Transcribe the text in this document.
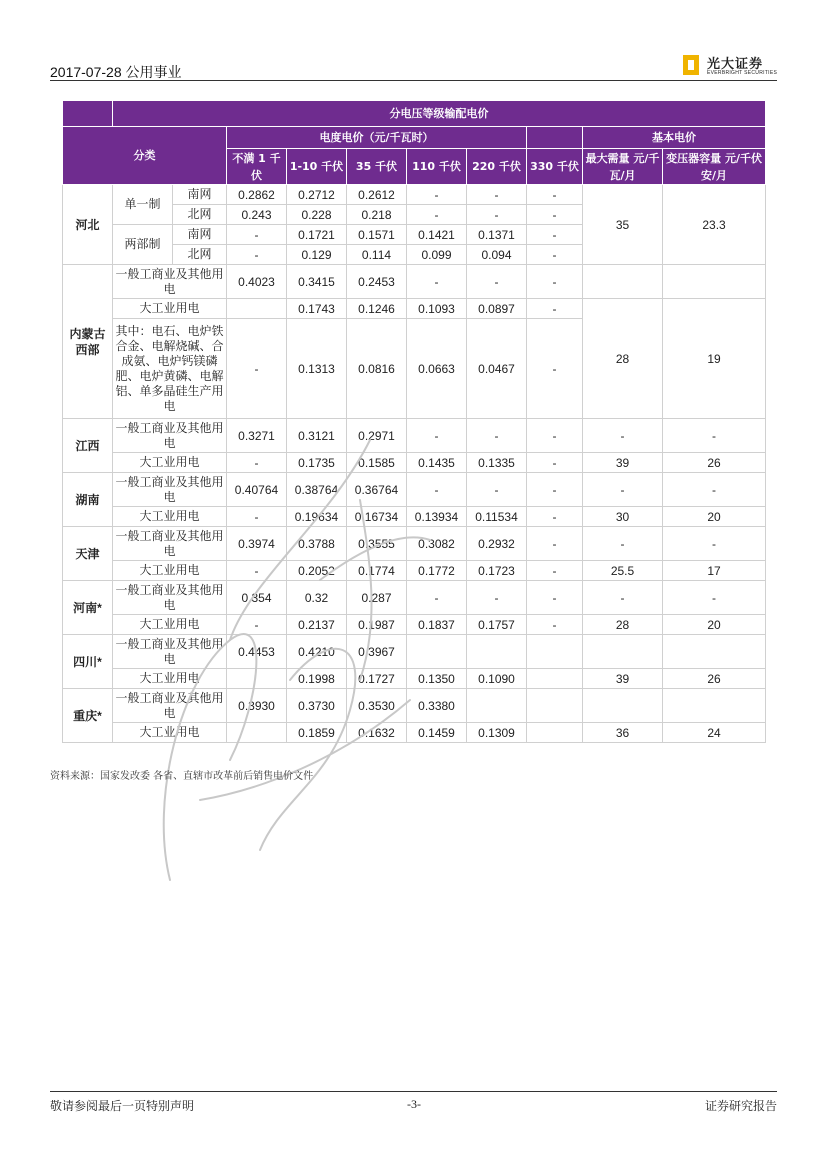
2017-07-28 公用事业	光大证券
EVERBRIGHT SECURITIES
	分电压等级输配电价									
分类			电度电价（元/千瓦时）						基本电价	
			不满 1 千伏	1-10 千伏	35 千伏	110 千伏	220 千伏	330 千伏	最大需量 元/千瓦/月	变压器容量 元/千伏安/月
河北	单一制	南网	0.2862	0.2712	0.2612	-	-	-	35	23.3
		北网	0.243	0.228	0.218	-	-	-		
	两部制	南网	-	0.1721	0.1571	0.1421	0.1371	-		
		北网	-	0.129	0.114	0.099	0.094	-		
内蒙古西部	一般工商业及其他用电		0.4023	0.3415	0.2453	-	-	-		
	大工业用电			0.1743	0.1246	0.1093	0.0897	-	28	19
	其中：电石、电炉铁合金、电解烧碱、合成氨、电炉钙镁磷肥、电炉黄磷、电解铝、单多晶硅生产用电		-	0.1313	0.0816	0.0663	0.0467	-		
江西	一般工商业及其他用电		0.3271	0.3121	0.2971	-	-	-	-	-
	大工业用电		-	0.1735	0.1585	0.1435	0.1335	-	39	26
湖南	一般工商业及其他用电		0.40764	0.38764	0.36764	-	-	-	-	-
	大工业用电		-	0.19634	0.16734	0.13934	0.11534	-	30	20
天津	一般工商业及其他用电		0.3974	0.3788	0.3555	0.3082	0.2932	-	-	-
	大工业用电		-	0.2052	0.1774	0.1772	0.1723	-	25.5	17
河南*	一般工商业及其他用电		0.354	0.32	0.287	-	-	-	-	-
	大工业用电		-	0.2137	0.1987	0.1837	0.1757	-	28	20
四川*	一般工商业及其他用电		0.4453	0.4210	0.3967					
	大工业用电			0.1998	0.1727	0.1350	0.1090		39	26
重庆*	一般工商业及其他用电		0.3930	0.3730	0.3530	0.3380				
	大工业用电			0.1859	0.1632	0.1459	0.1309		36	24
资料来源：国家发改委 各省、直辖市改革前后销售电价文件
敬请参阅最后一页特别声明	-3-	证券研究报告
